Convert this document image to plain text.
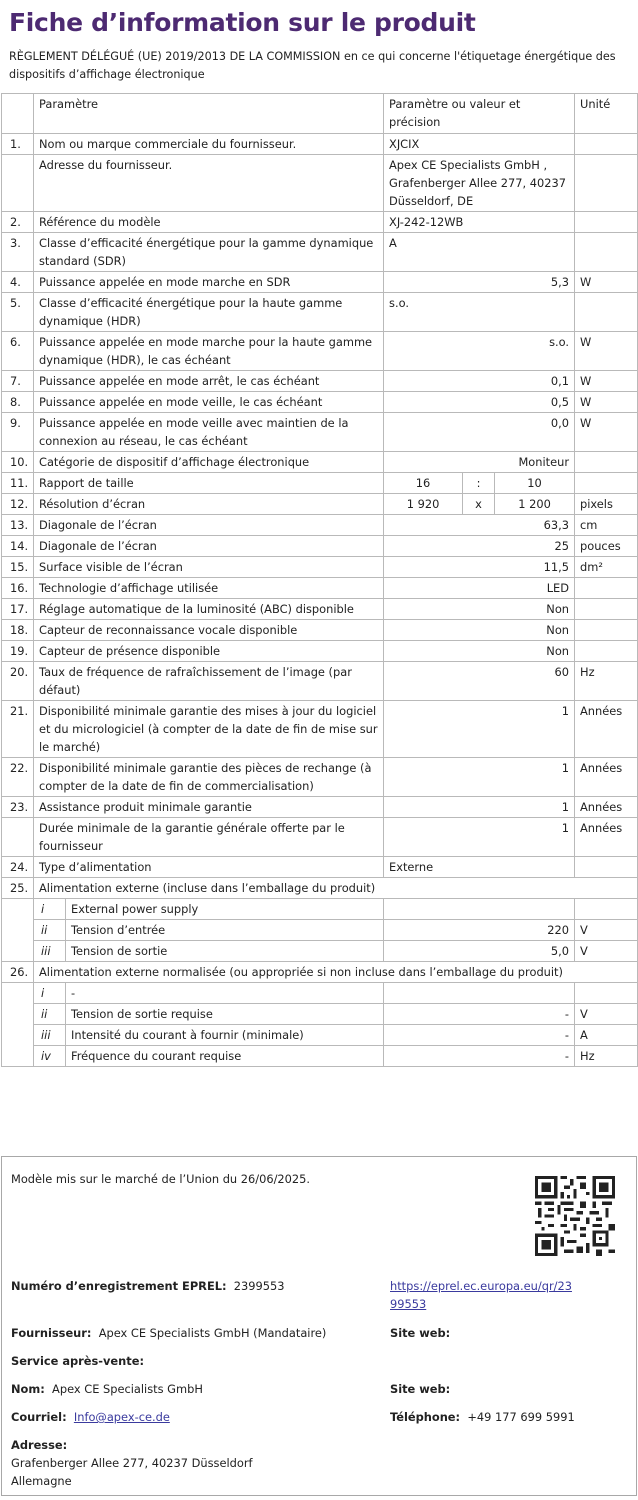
Fiche d’information sur le produit
RÈGLEMENT DÉLÉGUÉ (UE) 2019/2013 DE LA COMMISSION en ce qui concerne l'étiquetage énergétique des dispositifs d’affichage électronique
	Paramètre		Paramètre ou valeur et précision			Unité
1.	Nom ou marque commerciale du fournisseur.		XJCIX			
	Adresse du fournisseur.		Apex CE Specialists GmbH , Grafenberger Allee 277, 40237 Düsseldorf, DE			
2.	Référence du modèle		XJ-242-12WB			
3.	Classe d’efficacité énergétique pour la gamme dynamique standard (SDR)		A			
4.	Puissance appelée en mode marche en SDR		5,3			W
5.	Classe d’efficacité énergétique pour la haute gamme dynamique (HDR)		s.o.			
6.	Puissance appelée en mode marche pour la haute gamme dynamique (HDR), le cas échéant		s.o.			W
7.	Puissance appelée en mode arrêt, le cas échéant		0,1			W
8.	Puissance appelée en mode veille, le cas échéant		0,5			W
9.	Puissance appelée en mode veille avec maintien de la connexion au réseau, le cas échéant		0,0			W
10.	Catégorie de dispositif d’affichage électronique		Moniteur			
11.	Rapport de taille		16	:	10	
12.	Résolution d’écran		1 920	x	1 200	pixels
13.	Diagonale de l’écran		63,3			cm
14.	Diagonale de l’écran		25			pouces
15.	Surface visible de l’écran		11,5			dm²
16.	Technologie d’affichage utilisée		LED			
17.	Réglage automatique de la luminosité (ABC) disponible		Non			
18.	Capteur de reconnaissance vocale disponible		Non			
19.	Capteur de présence disponible		Non			
20.	Taux de fréquence de rafraîchissement de l’image (par défaut)		60			Hz
21.	Disponibilité minimale garantie des mises à jour du logiciel et du micrologiciel (à compter de la date de fin de mise sur le marché)		1			Années
22.	Disponibilité minimale garantie des pièces de rechange (à compter de la date de fin de commercialisation)		1			Années
23.	Assistance produit minimale garantie		1			Années
	Durée minimale de la garantie générale offerte par le fournisseur		1			Années
24.	Type d’alimentation		Externe			
25.	Alimentation externe (incluse dans l’emballage du produit)					
	i	External power supply				
	ii	Tension d’entrée	220			V
	iii	Tension de sortie	5,0			V
26.	Alimentation externe normalisée (ou appropriée si non incluse dans l’emballage du produit)					
	i	-				
	ii	Tension de sortie requise	-			V
	iii	Intensité du courant à fournir (minimale)	-			A
	iv	Fréquence du courant requise	-			Hz
Modèle mis sur le marché de l’Union du 26/06/2025.
Numéro d’enregistrement EPREL: 2399553	https://eprel.ec.europa.eu/qr/23
99553
Fournisseur: Apex CE Specialists GmbH (Mandataire)	Site web:
Service après-vente:
Nom: Apex CE Specialists GmbH	Site web:
Courriel: Info@apex-ce.de	Téléphone: +49 177 699 5991
Adresse:
Grafenberger Allee 277, 40237 Düsseldorf
Allemagne
